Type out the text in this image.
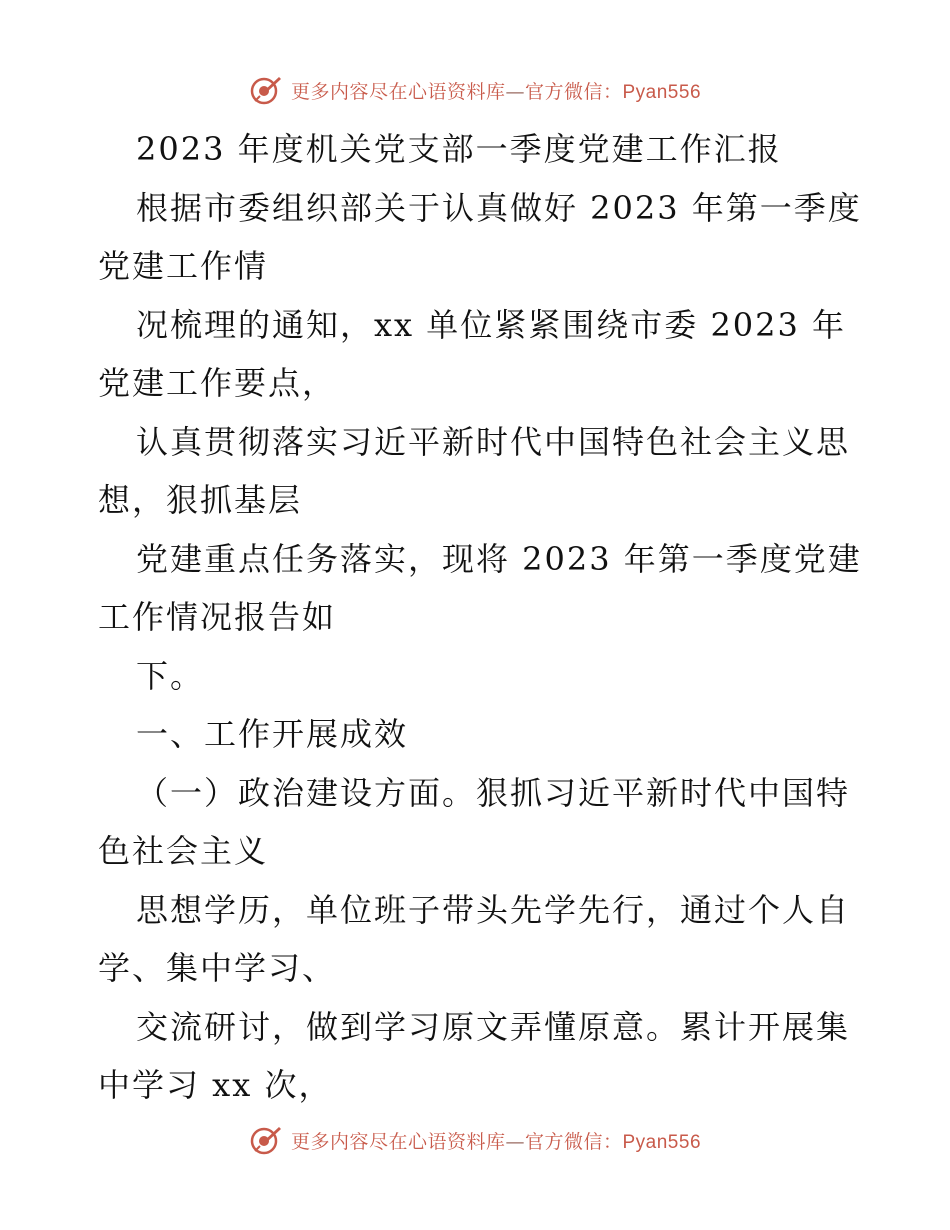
更多内容尽在心语资料库—官方微信：Pyan556
2023 年度机关党支部一季度党建工作汇报
根据市委组织部关于认真做好 2023 年第一季度
党建工作情
况梳理的通知，xx 单位紧紧围绕市委 2023 年
党建工作要点，
认真贯彻落实习近平新时代中国特色社会主义思
想，狠抓基层
党建重点任务落实，现将 2023 年第一季度党建
工作情况报告如
下。
一、工作开展成效
（一）政治建设方面。狠抓习近平新时代中国特
色社会主义
思想学历，单位班子带头先学先行，通过个人自
学、集中学习、
交流研讨，做到学习原文弄懂原意。累计开展集
中学习 xx 次，
更多内容尽在心语资料库—官方微信：Pyan556
